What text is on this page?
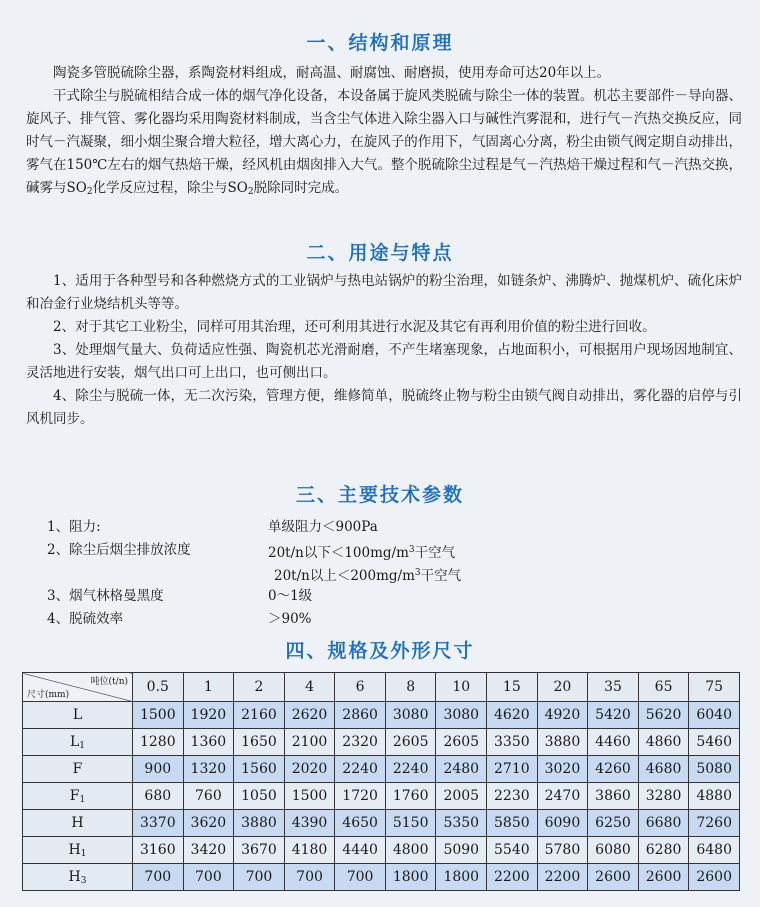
一、结构和原理

陶瓷多管脱硫除尘器，系陶瓷材料组成，耐高温、耐腐蚀、耐磨损，使用寿命可达20年以上。

干式除尘与脱硫相结合成一体的烟气净化设备，本设备属于旋风类脱硫与除尘一体的装置。机芯主要部件－导向器、旋风子、排气管、雾化器均采用陶瓷材料制成，当含尘气体进入除尘器入口与碱性汽雾混和，进行气－汽热交换反应，同时气－汽凝聚，细小烟尘聚合增大粒径，增大离心力，在旋风子的作用下，气固离心分离，粉尘由锁气阀定期自动排出，雾气在150℃左右的烟气热焙干燥，经风机由烟囱排入大气。整个脱硫除尘过程是气－汽热焙干燥过程和气－汽热交换，碱雾与$SO_2$化学反应过程，除尘与$SO_2$脱除同时完成。

二、用途与特点

1、适用于各种型号和各种燃烧方式的工业锅炉与热电站锅炉的粉尘治理，如链条炉、沸腾炉、抛煤机炉、硫化床炉和冶金行业烧结机头等等。

2、对于其它工业粉尘，同样可用其治理，还可利用其进行水泥及其它有再利用价值的粉尘进行回收。

3、处理烟气量大、负荷适应性强、陶瓷机芯光滑耐磨，不产生堵塞现象，占地面积小，可根据用户现场因地制宜、灵活地进行安装，烟气出口可上出口，也可侧出口。

4、除尘与脱硫一体，无二次污染，管理方便，维修简单，脱硫终止物与粉尘由锁气阀自动排出，雾化器的启停与引风机同步。

三、主要技术参数
1、阻力:	单级阻力＜900Pa
2、除尘后烟尘排放浓度	20t/n以下$<100mg/m^3$干空气
20t/n以上$<200mg/m^3$干空气
3、烟气林格曼黑度	0～1级
4、脱硫效率	＞90%
四、规格及外形尺寸
吨位(t/n)
尺寸(mm)	0.5	1	2	4	6	8	10	15	20	35	65	75
L	1500	1920	2160	2620	2860	3080	3080	4620	4920	5420	5620	6040
$L_1$	1280	1360	1650	2100	2320	2605	2605	3350	3880	4460	4860	5460
F	900	1320	1560	2020	2240	2240	2480	2710	3020	4260	4680	5080
$F_1$	680	760	1050	1500	1720	1760	2005	2230	2470	3860	3280	4880
H	3370	3620	3880	4390	4650	5150	5350	5850	6090	6250	6680	7260
$H_1$	3160	3420	3670	4180	4440	4800	5090	5540	5780	6080	6280	6480
$H_3$	700	700	700	700	700	1800	1800	2200	2200	2600	2600	2600
